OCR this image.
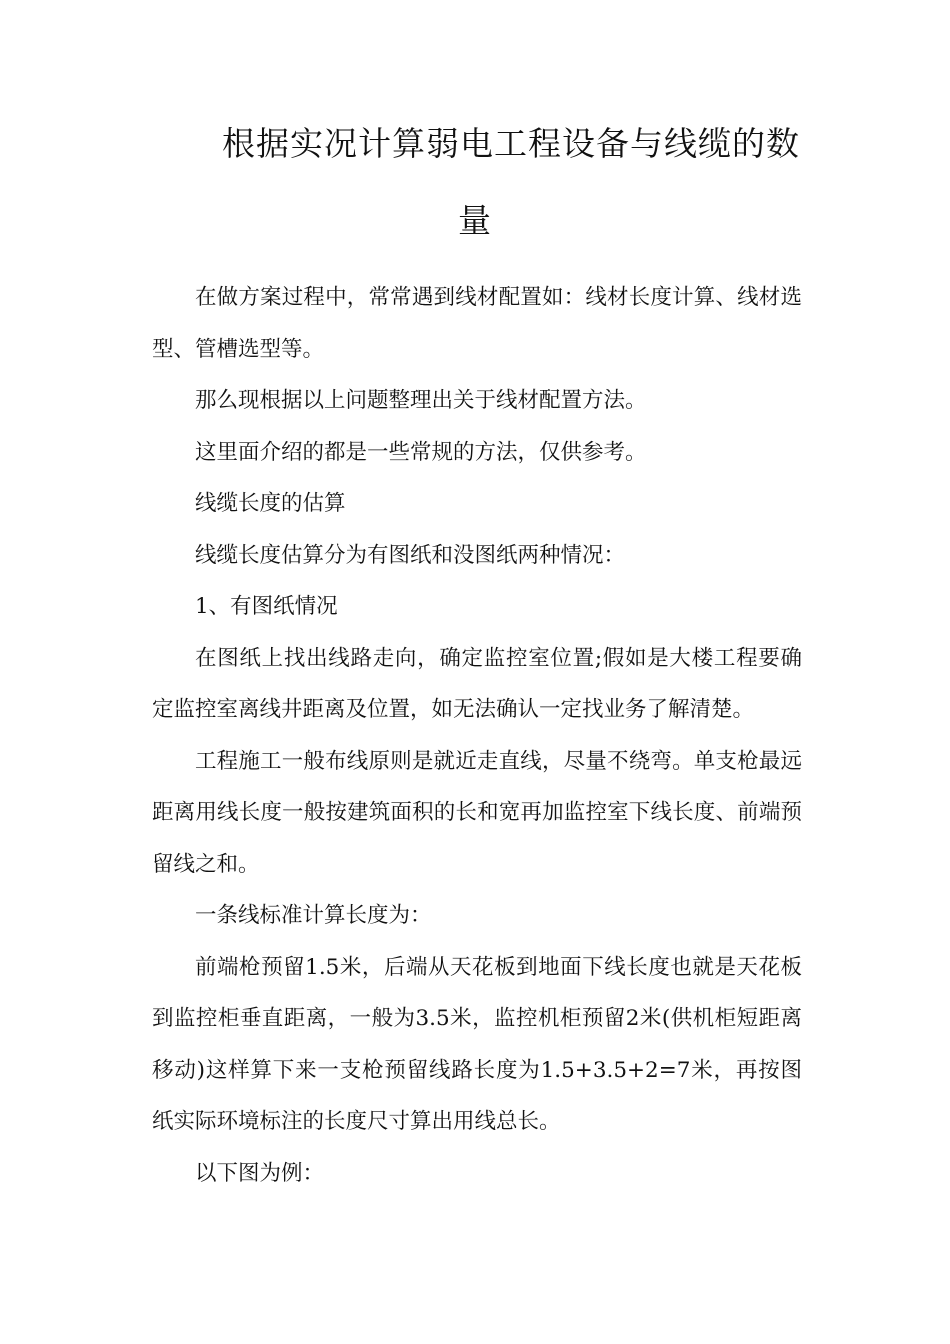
根据实况计算弱电工程设备与线缆的数
量

在做方案过程中，常常遇到线材配置如：线材长度计算、线材选型、管槽选型等。

那么现根据以上问题整理出关于线材配置方法。

这里面介绍的都是一些常规的方法，仅供参考。

线缆长度的估算

线缆长度估算分为有图纸和没图纸两种情况：

1、有图纸情况

在图纸上找出线路走向，确定监控室位置;假如是大楼工程要确定监控室离线井距离及位置，如无法确认一定找业务了解清楚。

工程施工一般布线原则是就近走直线，尽量不绕弯。单支枪最远距离用线长度一般按建筑面积的长和宽再加监控室下线长度、前端预留线之和。

一条线标准计算长度为：

前端枪预留1.5米，后端从天花板到地面下线长度也就是天花板到监控柜垂直距离，一般为3.5米，监控机柜预留2米(供机柜短距离移动)这样算下来一支枪预留线路长度为1.5+3.5+2=7米，再按图纸实际环境标注的长度尺寸算出用线总长。

以下图为例：
